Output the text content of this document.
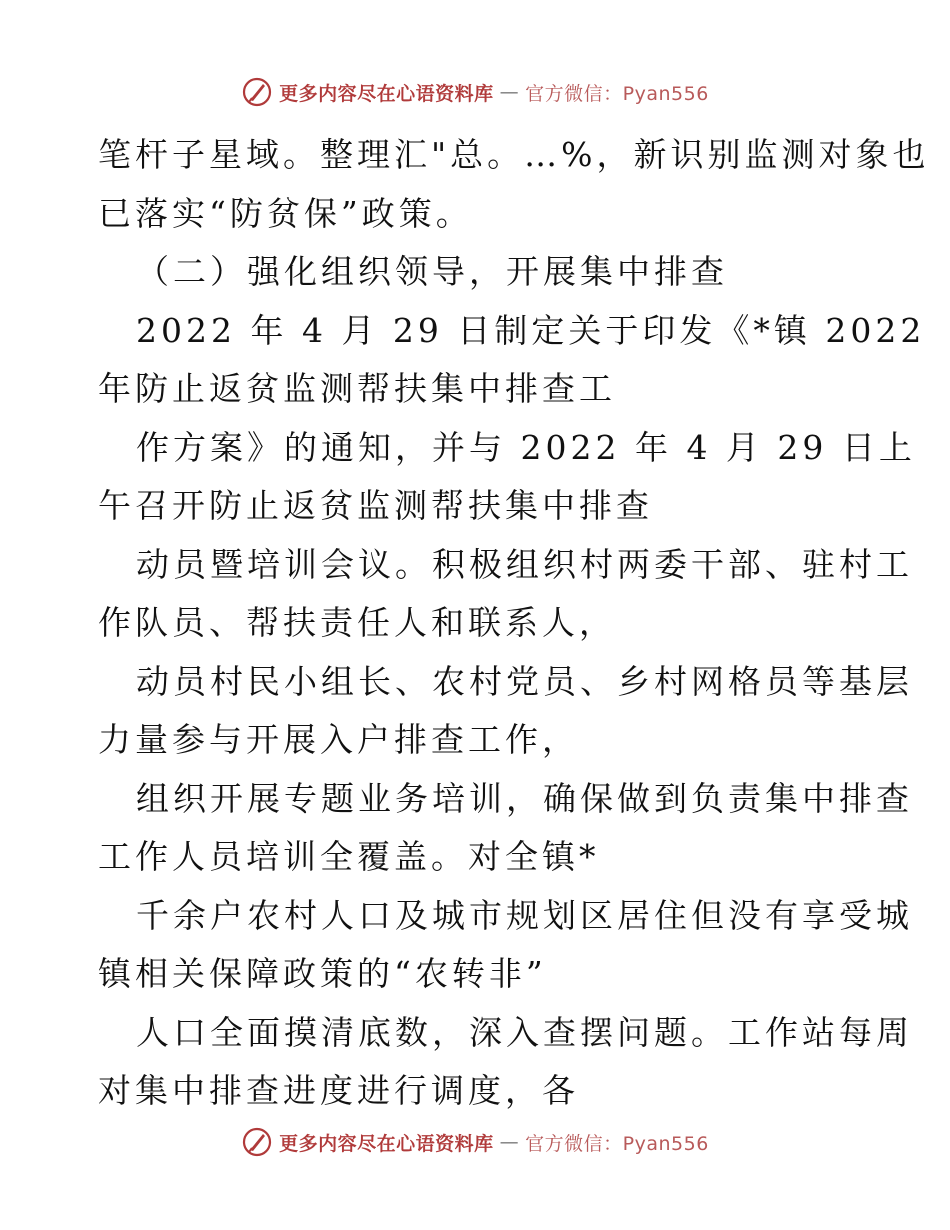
更多内容尽在心语资料库 — 官方微信：Pyan556
笔杆子星域。整理汇"总。…%，新识别监测对象也
已落实“防贫保”政策。
（二）强化组织领导，开展集中排查
2022 年 4 月 29 日制定关于印发《*镇 2022
年防止返贫监测帮扶集中排查工
作方案》的通知，并与 2022 年 4 月 29 日上
午召开防止返贫监测帮扶集中排查
动员暨培训会议。积极组织村两委干部、驻村工
作队员、帮扶责任人和联系人，
动员村民小组长、农村党员、乡村网格员等基层
力量参与开展入户排查工作，
组织开展专题业务培训，确保做到负责集中排查
工作人员培训全覆盖。对全镇*
千余户农村人口及城市规划区居住但没有享受城
镇相关保障政策的“农转非”
人口全面摸清底数，深入查摆问题。工作站每周
对集中排查进度进行调度，各
更多内容尽在心语资料库 — 官方微信：Pyan556
